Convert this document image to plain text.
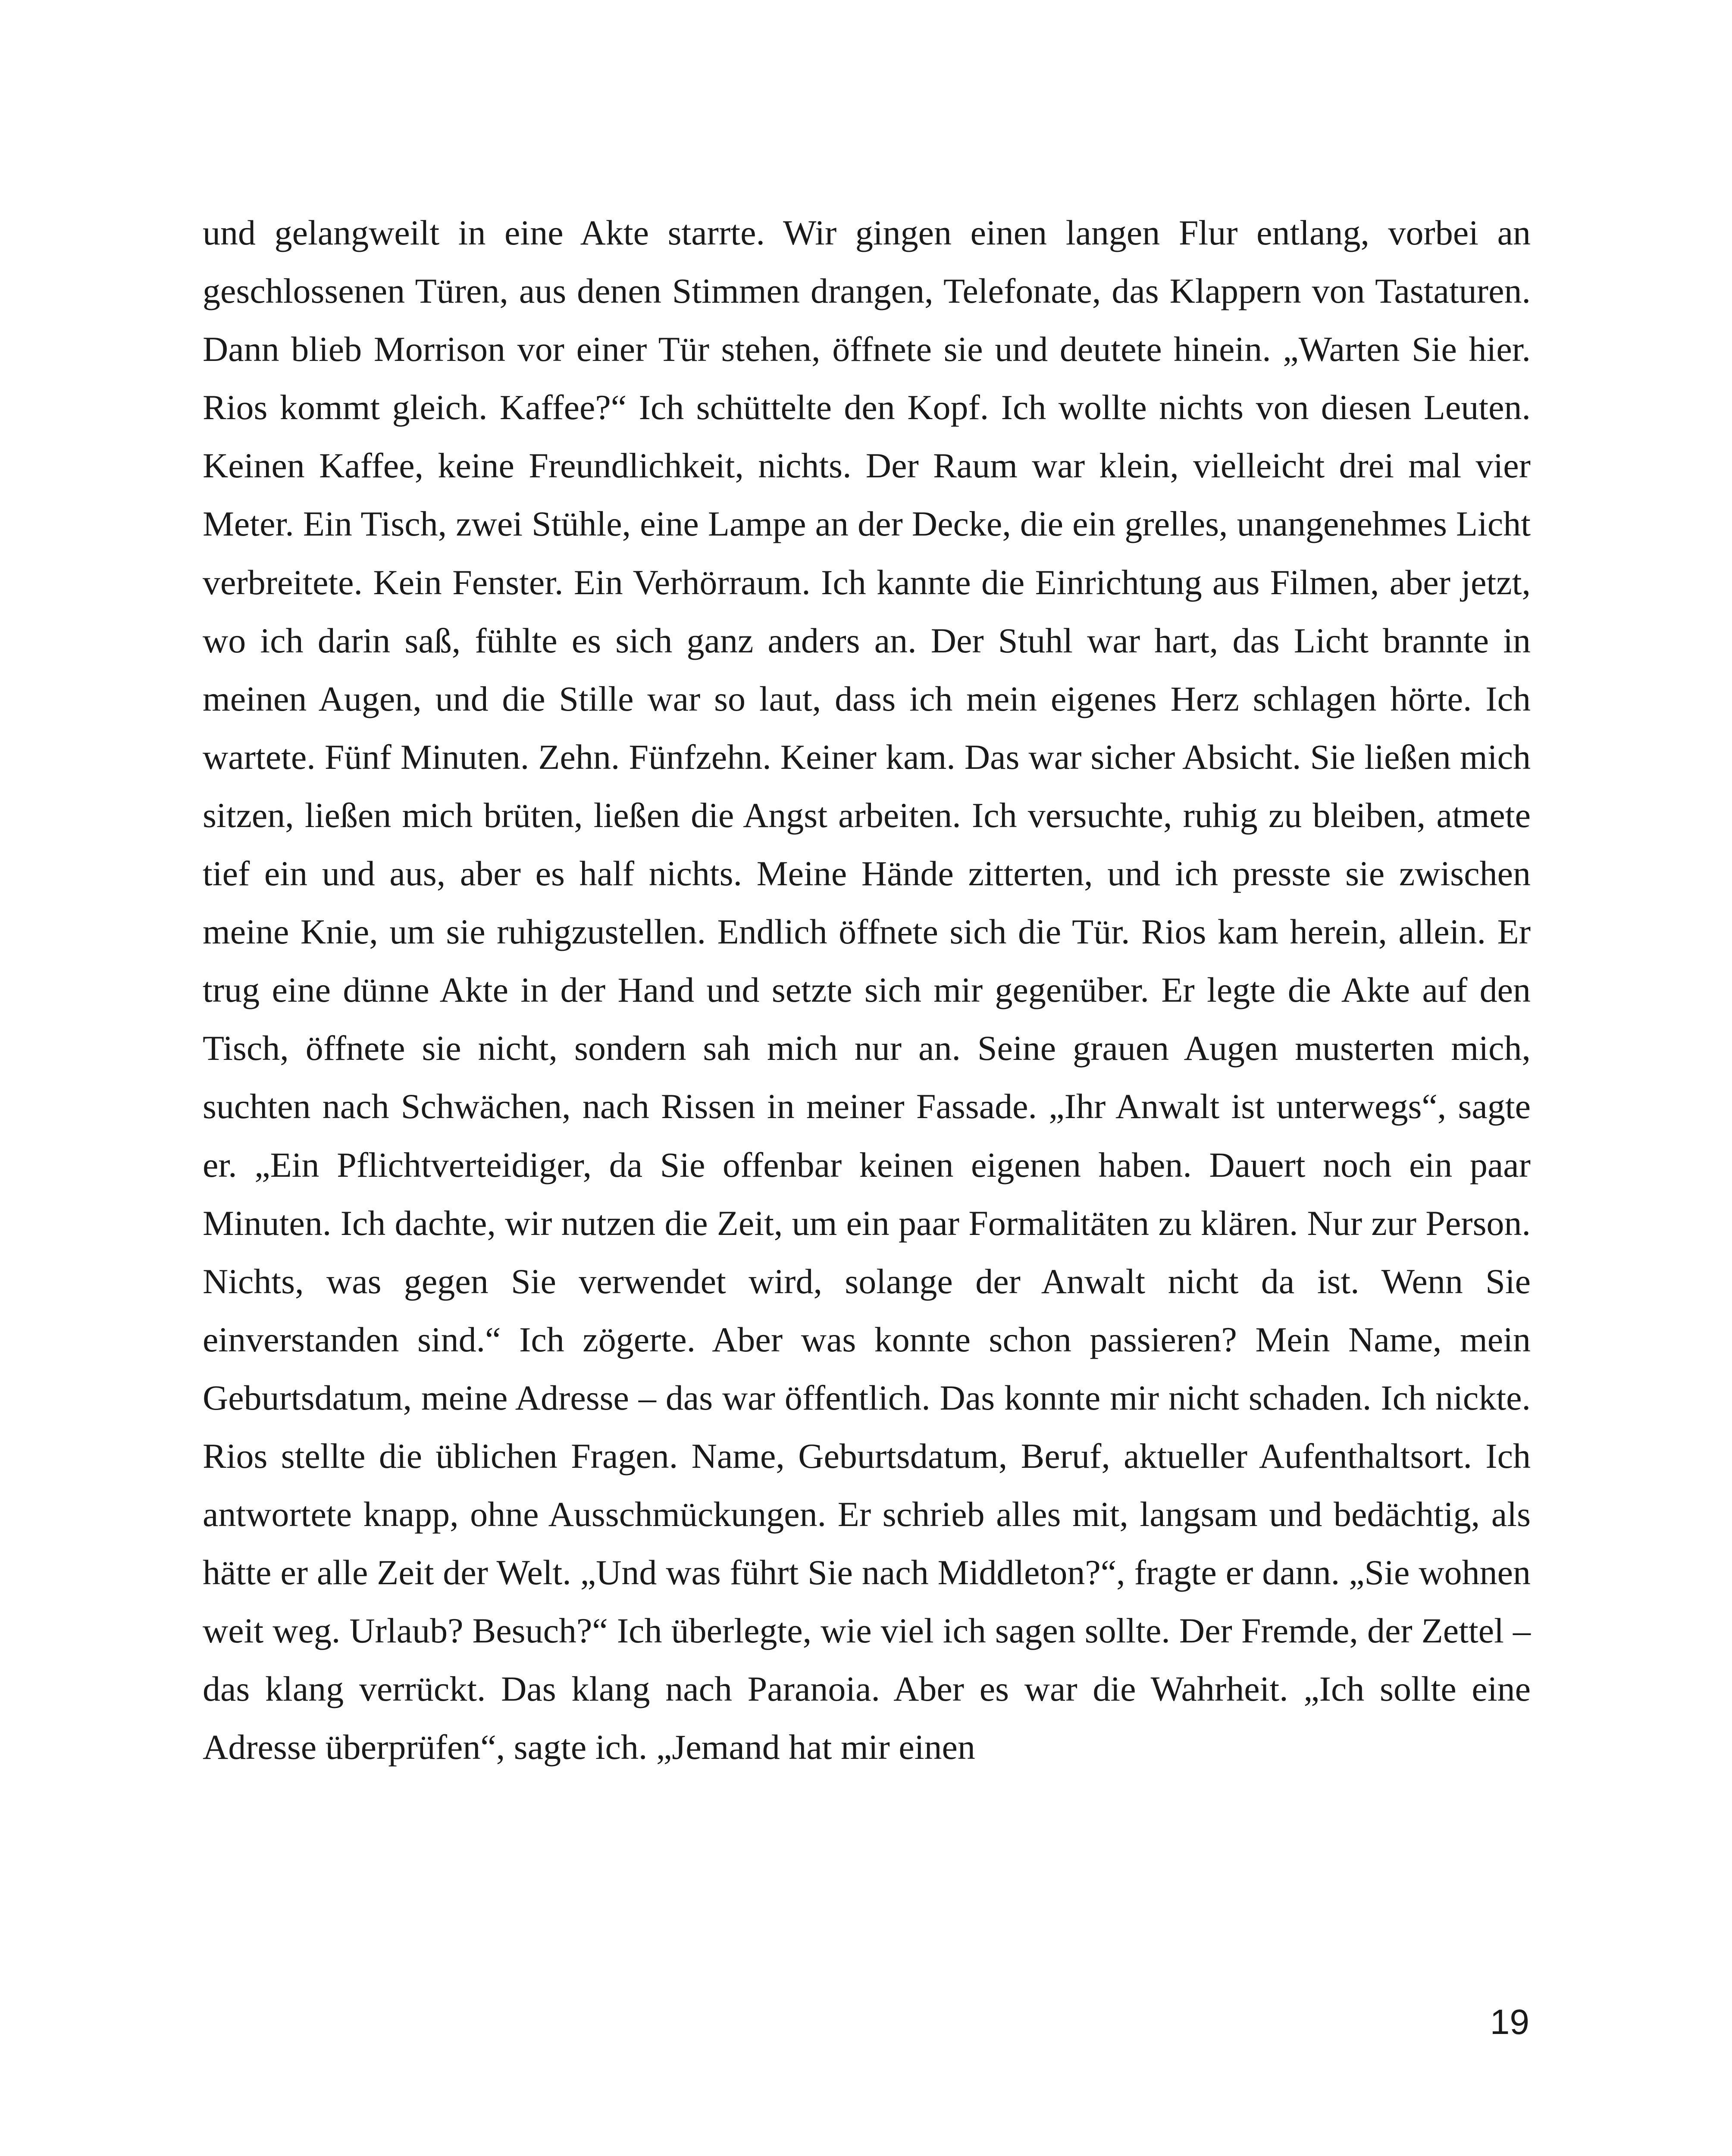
und gelangweilt in eine Akte starrte. Wir gingen einen langen Flur entlang, vorbei an geschlossenen Türen, aus denen Stimmen drangen, Telefonate, das Klappern von Tastaturen. Dann blieb Morrison vor einer Tür stehen, öffnete sie und deutete hinein. „Warten Sie hier. Rios kommt gleich. Kaffee?“ Ich schüttelte den Kopf. Ich wollte nichts von diesen Leuten. Keinen Kaffee, keine Freundlichkeit, nichts. Der Raum war klein, vielleicht drei mal vier Meter. Ein Tisch, zwei Stühle, eine Lampe an der Decke, die ein grelles, unangenehmes Licht verbreitete. Kein Fenster. Ein Verhörraum. Ich kannte die Einrichtung aus Filmen, aber jetzt, wo ich darin saß, fühlte es sich ganz anders an. Der Stuhl war hart, das Licht brannte in meinen Augen, und die Stille war so laut, dass ich mein eigenes Herz schlagen hörte. Ich wartete. Fünf Minuten. Zehn. Fünfzehn. Keiner kam. Das war sicher Absicht. Sie ließen mich sitzen, ließen mich brüten, ließen die Angst arbeiten. Ich versuchte, ruhig zu bleiben, atmete tief ein und aus, aber es half nichts. Meine Hände zitterten, und ich presste sie zwischen meine Knie, um sie ruhigzustellen. Endlich öffnete sich die Tür. Rios kam herein, allein. Er trug eine dünne Akte in der Hand und setzte sich mir gegenüber. Er legte die Akte auf den Tisch, öffnete sie nicht, sondern sah mich nur an. Seine grauen Augen musterten mich, suchten nach Schwächen, nach Rissen in meiner Fassade. „Ihr Anwalt ist unterwegs“, sagte er. „Ein Pflichtverteidiger, da Sie offenbar keinen eigenen haben. Dauert noch ein paar Minuten. Ich dachte, wir nutzen die Zeit, um ein paar Formalitäten zu klären. Nur zur Person. Nichts, was gegen Sie verwendet wird, solange der Anwalt nicht da ist. Wenn Sie einverstanden sind.“ Ich zögerte. Aber was konnte schon passieren? Mein Name, mein Geburtsdatum, meine Adresse – das war öffentlich. Das konnte mir nicht schaden. Ich nickte. Rios stellte die üblichen Fragen. Name, Geburtsdatum, Beruf, aktueller Aufenthaltsort. Ich antwortete knapp, ohne Ausschmückungen. Er schrieb alles mit, langsam und bedächtig, als hätte er alle Zeit der Welt. „Und was führt Sie nach Middleton?“, fragte er dann. „Sie wohnen weit weg. Urlaub? Besuch?“ Ich überlegte, wie viel ich sagen sollte. Der Fremde, der Zettel – das klang verrückt. Das klang nach Paranoia. Aber es war die Wahrheit. „Ich sollte eine Adresse überprüfen“, sagte ich. „Jemand hat mir einen

19
